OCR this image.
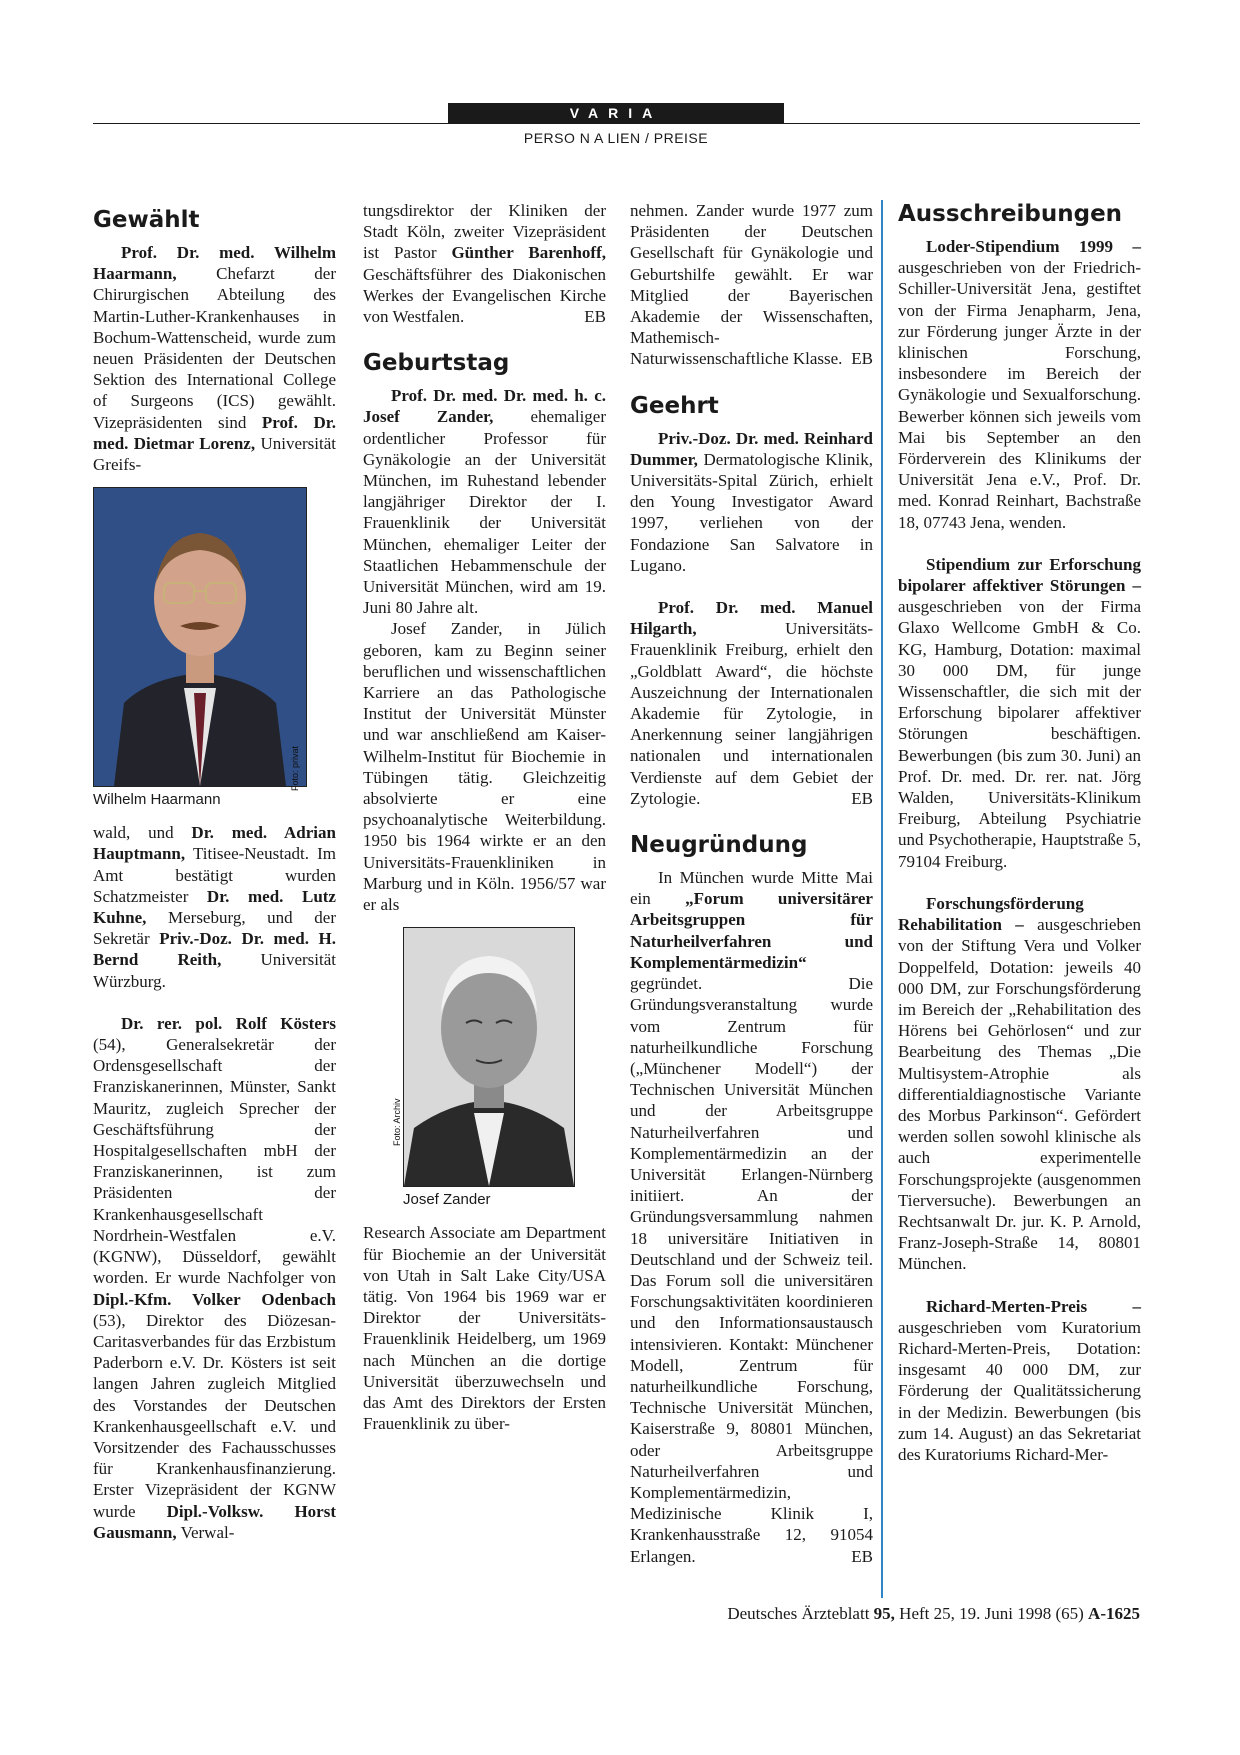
VARIA
PERSO N A LIEN / PREISE
Gewählt

Prof. Dr. med. Wilhelm Haarmann, Chefarzt der Chirurgischen Abteilung des Martin-Luther-Krankenhauses in Bochum-Wattenscheid, wurde zum neuen Präsidenten der Deutschen Sektion des International College of Surgeons (ICS) gewählt. Vizepräsidenten sind Prof. Dr. med. Dietmar Lorenz, Universität Greifs-

Foto: privat
Wilhelm Haarmann

wald, und Dr. med. Adrian Hauptmann, Titisee-Neustadt. Im Amt bestätigt wurden Schatzmeister Dr. med. Lutz Kuhne, Merseburg, und der Sekretär Priv.-Doz. Dr. med. H. Bernd Reith, Universität Würzburg.

Dr. rer. pol. Rolf Kösters (54), Generalsekretär der Ordensgesellschaft der Franziskanerinnen, Münster, Sankt Mauritz, zugleich Sprecher der Geschäftsführung der Hospitalgesellschaften mbH der Franziskanerinnen, ist zum Präsidenten der Krankenhausgesellschaft Nordrhein-Westfalen e.V. (KGNW), Düsseldorf, gewählt worden. Er wurde Nachfolger von Dipl.-Kfm. Volker Odenbach (53), Direktor des Diözesan-Caritasverbandes für das Erzbistum Paderborn e.V. Dr. Kösters ist seit langen Jahren zugleich Mitglied des Vorstandes der Deutschen Krankenhausgeellschaft e.V. und Vorsitzender des Fachausschusses für Krankenhausfinanzierung. Erster Vizepräsident der KGNW wurde Dipl.-Volksw. Horst Gausmann, Verwal-

tungsdirektor der Kliniken der Stadt Köln, zweiter Vizepräsident ist Pastor Günther Barenhoff, Geschäftsführer des Diakonischen Werkes der Evangelischen Kirche von Westfalen.	EB

Geburtstag

Prof. Dr. med. Dr. med. h. c. Josef Zander, ehemaliger ordentlicher Professor für Gynäkologie an der Universität München, im Ruhestand lebender langjähriger Direktor der I. Frauenklinik der Universität München, ehemaliger Leiter der Staatlichen Hebammenschule der Universität München, wird am 19. Juni 80 Jahre alt.

Josef Zander, in Jülich geboren, kam zu Beginn seiner beruflichen und wissenschaftlichen Karriere an das Pathologische Institut der Universität Münster und war anschließend am Kaiser-Wilhelm-Institut für Biochemie in Tübingen tätig. Gleichzeitig absolvierte er eine psychoanalytische Weiterbildung. 1950 bis 1964 wirkte er an den Universitäts-Frauenkliniken in Marburg und in Köln. 1956/57 war er als

Foto: Archiv
Josef Zander

Research Associate am Department für Biochemie an der Universität von Utah in Salt Lake City/USA tätig. Von 1964 bis 1969 war er Direktor der Universitäts-Frauenklinik Heidelberg, um 1969 nach München an die dortige Universität überzuwechseln und das Amt des Direktors der Ersten Frauenklinik zu über-

nehmen. Zander wurde 1977 zum Präsidenten der Deutschen Gesellschaft für Gynäkologie und Geburtshilfe gewählt. Er war Mitglied der Bayerischen Akademie der Wissenschaften, Mathemisch-Naturwissenschaftliche Klasse. EB

Geehrt

Priv.-Doz. Dr. med. Reinhard Dummer, Dermatologische Klinik, Universitäts-Spital Zürich, erhielt den Young Investigator Award 1997, verliehen von der Fondazione San Salvatore in Lugano.

Prof. Dr. med. Manuel Hilgarth, Universitäts-Frauenklinik Freiburg, erhielt den „Goldblatt Award“, die höchste Auszeichnung der Internationalen Akademie für Zytologie, in Anerkennung seiner langjährigen nationalen und internationalen Verdienste auf dem Gebiet der Zytologie.	EB

Neugründung

In München wurde Mitte Mai ein „Forum universitärer Arbeitsgruppen für Naturheilverfahren und Komplementärmedizin“ gegründet. Die Gründungsveranstaltung wurde vom Zentrum für naturheilkundliche Forschung („Münchener Modell“) der Technischen Universität München und der Arbeitsgruppe Naturheilverfahren und Komplementärmedizin an der Universität Erlangen-Nürnberg initiiert. An der Gründungsversammlung nahmen 18 universitäre Initiativen in Deutschland und der Schweiz teil. Das Forum soll die universitären Forschungsaktivitäten koordinieren und den Informationsaustausch intensivieren. Kontakt: Münchener Modell, Zentrum für naturheilkundliche Forschung, Technische Universität München, Kaiserstraße 9, 80801 München, oder Arbeitsgruppe Naturheilverfahren und Komplementärmedizin, Medizinische Klinik I, Krankenhausstraße 12, 91054 Erlangen.	EB

Ausschreibungen

Loder-Stipendium 1999 – ausgeschrieben von der Friedrich-Schiller-Universität Jena, gestiftet von der Firma Jenapharm, Jena, zur Förderung junger Ärzte in der klinischen Forschung, insbesondere im Bereich der Gynäkologie und Sexualforschung. Bewerber können sich jeweils vom Mai bis September an den Förderverein des Klinikums der Universität Jena e.V., Prof. Dr. med. Konrad Reinhart, Bachstraße 18, 07743 Jena, wenden.

Stipendium zur Erforschung bipolarer affektiver Störungen – ausgeschrieben von der Firma Glaxo Wellcome GmbH & Co. KG, Hamburg, Dotation: maximal 30 000 DM, für junge Wissenschaftler, die sich mit der Erforschung bipolarer affektiver Störungen beschäftigen. Bewerbungen (bis zum 30. Juni) an Prof. Dr. med. Dr. rer. nat. Jörg Walden, Universitäts-Klinikum Freiburg, Abteilung Psychiatrie und Psychotherapie, Hauptstraße 5, 79104 Freiburg.

Forschungsförderung Rehabilitation – ausgeschrieben von der Stiftung Vera und Volker Doppelfeld, Dotation: jeweils 40 000 DM, zur Forschungsförderung im Bereich der „Rehabilitation des Hörens bei Gehörlosen“ und zur Bearbeitung des Themas „Die Multisystem-Atrophie als differentialdiagnostische Variante des Morbus Parkinson“. Gefördert werden sollen sowohl klinische als auch experimentelle Forschungsprojekte (ausgenommen Tierversuche). Bewerbungen an Rechtsanwalt Dr. jur. K. P. Arnold, Franz-Joseph-Straße 14, 80801 München.

Richard-Merten-Preis – ausgeschrieben vom Kuratorium Richard-Merten-Preis, Dotation: insgesamt 40 000 DM, zur Förderung der Qualitätssicherung in der Medizin. Bewerbungen (bis zum 14. August) an das Sekretariat des Kuratoriums Richard-Mer-

Deutsches Ärzteblatt 95, Heft 25, 19. Juni 1998 (65) A-1625
